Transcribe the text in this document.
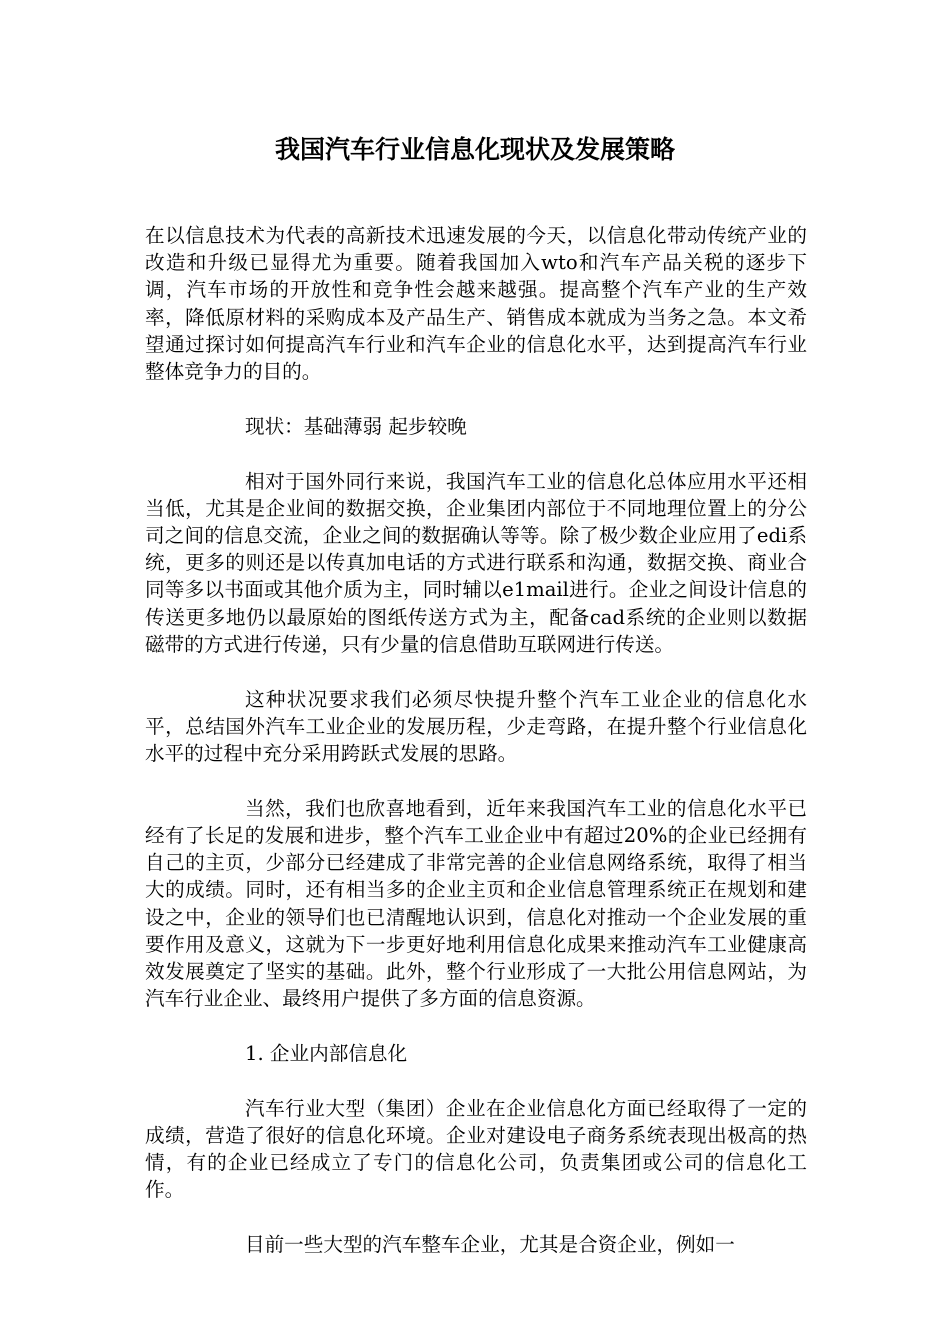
我国汽车行业信息化现状及发展策略

在以信息技术为代表的高新技术迅速发展的今天，以信息化带动传统产业的改造和升级已显得尤为重要。随着我国加入wto和汽车产品关税的逐步下调，汽车市场的开放性和竞争性会越来越强。提高整个汽车产业的生产效率，降低原材料的采购成本及产品生产、销售成本就成为当务之急。本文希望通过探讨如何提高汽车行业和汽车企业的信息化水平，达到提高汽车行业整体竞争力的目的。

现状：基础薄弱 起步较晚

相对于国外同行来说，我国汽车工业的信息化总体应用水平还相当低，尤其是企业间的数据交换，企业集团内部位于不同地理位置上的分公司之间的信息交流，企业之间的数据确认等等。除了极少数企业应用了edi系统，更多的则还是以传真加电话的方式进行联系和沟通，数据交换、商业合同等多以书面或其他介质为主，同时辅以e1mail进行。企业之间设计信息的传送更多地仍以最原始的图纸传送方式为主，配备cad系统的企业则以数据磁带的方式进行传递，只有少量的信息借助互联网进行传送。

这种状况要求我们必须尽快提升整个汽车工业企业的信息化水平，总结国外汽车工业企业的发展历程，少走弯路，在提升整个行业信息化水平的过程中充分采用跨跃式发展的思路。

当然，我们也欣喜地看到，近年来我国汽车工业的信息化水平已经有了长足的发展和进步，整个汽车工业企业中有超过20%的企业已经拥有自己的主页，少部分已经建成了非常完善的企业信息网络系统，取得了相当大的成绩。同时，还有相当多的企业主页和企业信息管理系统正在规划和建设之中，企业的领导们也已清醒地认识到，信息化对推动一个企业发展的重要作用及意义，这就为下一步更好地利用信息化成果来推动汽车工业健康高效发展奠定了坚实的基础。此外，整个行业形成了一大批公用信息网站，为汽车行业企业、最终用户提供了多方面的信息资源。

1. 企业内部信息化

汽车行业大型（集团）企业在企业信息化方面已经取得了一定的成绩，营造了很好的信息化环境。企业对建设电子商务系统表现出极高的热情，有的企业已经成立了专门的信息化公司，负责集团或公司的信息化工作。

目前一些大型的汽车整车企业，尤其是合资企业，例如一
